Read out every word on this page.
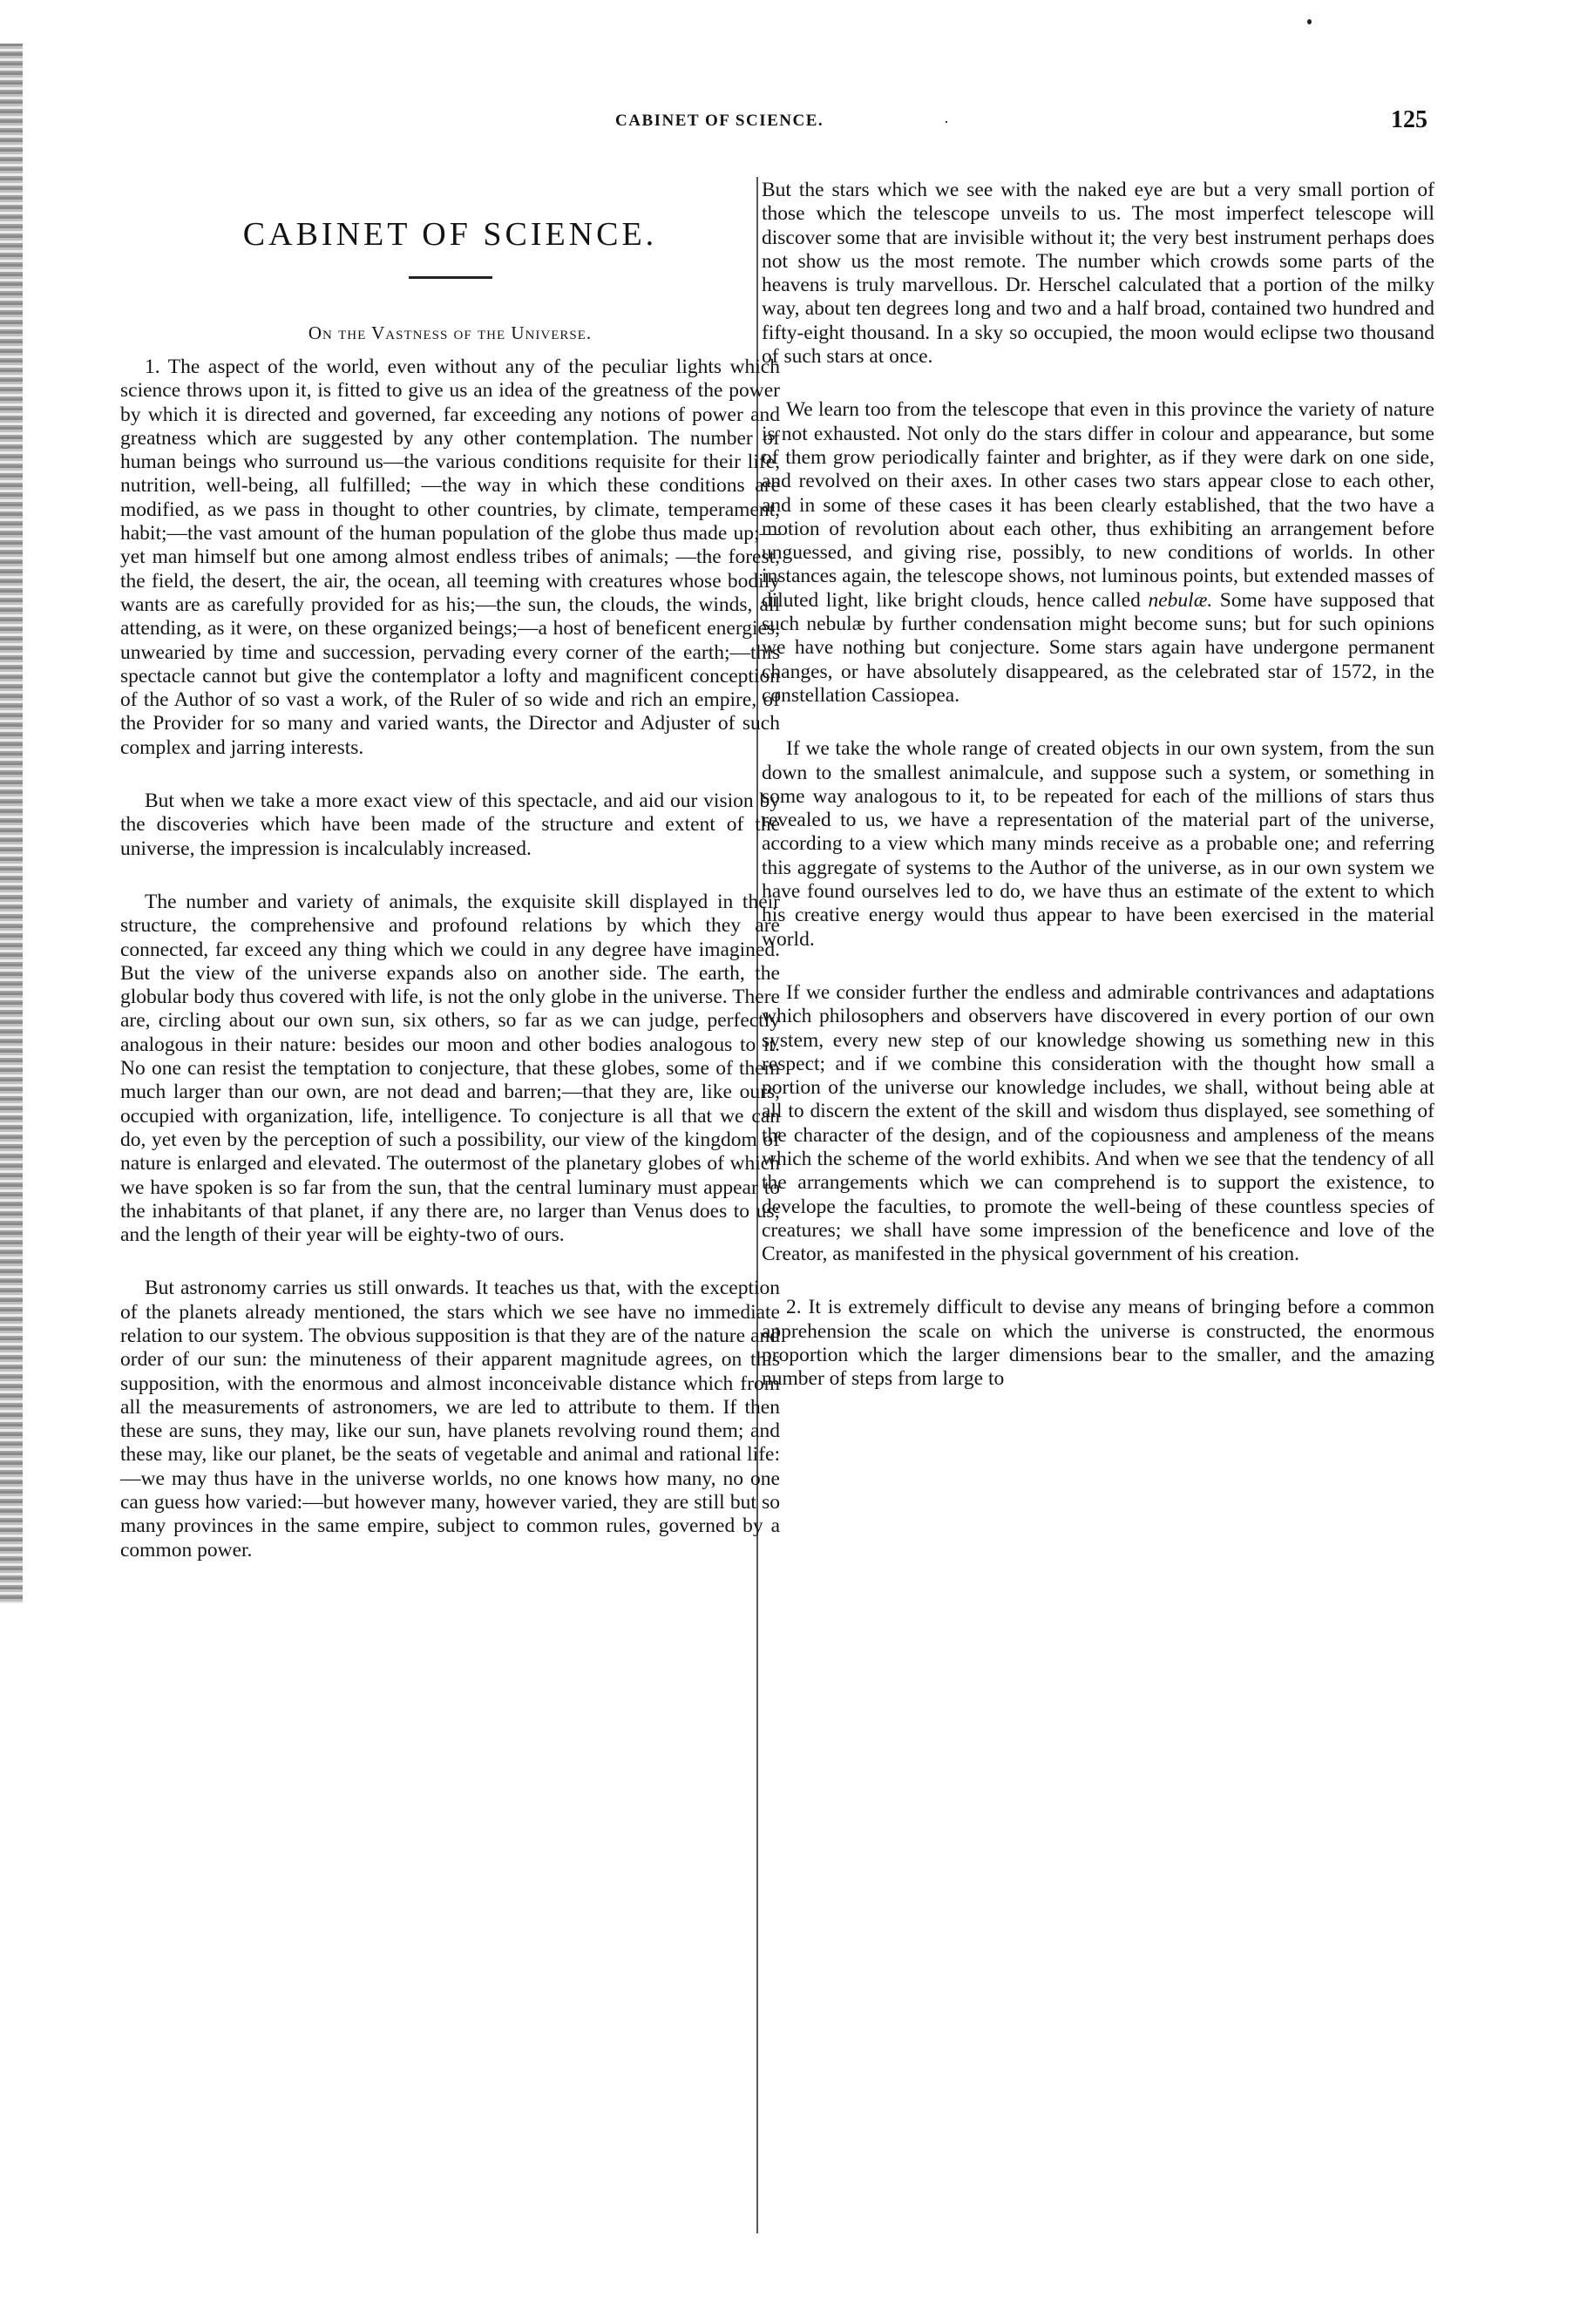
CABINET OF SCIENCE.	·	125
CABINET OF SCIENCE.
On the Vastness of the Universe.

1. The aspect of the world, even without any of the peculiar lights which science throws upon it, is fitted to give us an idea of the greatness of the power by which it is directed and governed, far exceeding any notions of power and greatness which are suggested by any other contemplation. The number of human beings who surround us—the various conditions requisite for their life, nutrition, well-being, all fulfilled; —the way in which these conditions are modified, as we pass in thought to other countries, by climate, temperament, habit;—the vast amount of the human population of the globe thus made up;—yet man himself but one among almost endless tribes of animals; —the forest, the field, the desert, the air, the ocean, all teeming with creatures whose bodily wants are as carefully provided for as his;—the sun, the clouds, the winds, all attending, as it were, on these organized beings;—a host of beneficent energies, unwearied by time and succession, pervading every corner of the earth;—this spectacle cannot but give the contemplator a lofty and magnificent conception of the Author of so vast a work, of the Ruler of so wide and rich an empire, of the Provider for so many and varied wants, the Director and Adjuster of such complex and jarring interests.

But when we take a more exact view of this spectacle, and aid our vision by the discoveries which have been made of the structure and extent of the universe, the impression is incalculably increased.

The number and variety of animals, the exquisite skill displayed in their structure, the comprehensive and profound relations by which they are connected, far exceed any thing which we could in any degree have imagined. But the view of the universe expands also on another side. The earth, the globular body thus covered with life, is not the only globe in the universe. There are, circling about our own sun, six others, so far as we can judge, perfectly analogous in their nature: besides our moon and other bodies analogous to it. No one can resist the temptation to conjecture, that these globes, some of them much larger than our own, are not dead and barren;—that they are, like ours, occupied with organization, life, intelligence. To conjecture is all that we can do, yet even by the perception of such a possibility, our view of the kingdom of nature is enlarged and elevated. The outermost of the planetary globes of which we have spoken is so far from the sun, that the central luminary must appear to the inhabitants of that planet, if any there are, no larger than Venus does to us; and the length of their year will be eighty-two of ours.

But astronomy carries us still onwards. It teaches us that, with the exception of the planets already mentioned, the stars which we see have no immediate relation to our system. The obvious supposition is that they are of the nature and order of our sun: the minuteness of their apparent magnitude agrees, on this supposition, with the enormous and almost inconceivable distance which from all the measurements of astronomers, we are led to attribute to them. If then these are suns, they may, like our sun, have planets revolving round them; and these may, like our planet, be the seats of vegetable and animal and rational life:—we may thus have in the universe worlds, no one knows how many, no one can guess how varied:—but however many, however varied, they are still but so many provinces in the same empire, subject to common rules, governed by a common power.

But the stars which we see with the naked eye are but a very small portion of those which the telescope unveils to us. The most imperfect telescope will discover some that are invisible without it; the very best instrument perhaps does not show us the most remote. The number which crowds some parts of the heavens is truly marvellous. Dr. Herschel calculated that a portion of the milky way, about ten degrees long and two and a half broad, contained two hundred and fifty-eight thousand. In a sky so occupied, the moon would eclipse two thousand of such stars at once.

We learn too from the telescope that even in this province the variety of nature is not exhausted. Not only do the stars differ in colour and appearance, but some of them grow periodically fainter and brighter, as if they were dark on one side, and revolved on their axes. In other cases two stars appear close to each other, and in some of these cases it has been clearly established, that the two have a motion of revolution about each other, thus exhibiting an arrangement before unguessed, and giving rise, possibly, to new conditions of worlds. In other instances again, the telescope shows, not luminous points, but extended masses of diluted light, like bright clouds, hence called nebulæ. Some have supposed that such nebulæ by further condensation might become suns; but for such opinions we have nothing but conjecture. Some stars again have undergone permanent changes, or have absolutely disappeared, as the celebrated star of 1572, in the constellation Cassiopea.

If we take the whole range of created objects in our own system, from the sun down to the smallest animalcule, and suppose such a system, or something in some way analogous to it, to be repeated for each of the millions of stars thus revealed to us, we have a representation of the material part of the universe, according to a view which many minds receive as a probable one; and referring this aggregate of systems to the Author of the universe, as in our own system we have found ourselves led to do, we have thus an estimate of the extent to which his creative energy would thus appear to have been exercised in the material world.

If we consider further the endless and admirable contrivances and adaptations which philosophers and observers have discovered in every portion of our own system, every new step of our knowledge showing us something new in this respect; and if we combine this consideration with the thought how small a portion of the universe our knowledge includes, we shall, without being able at all to discern the extent of the skill and wisdom thus displayed, see something of the character of the design, and of the copiousness and ampleness of the means which the scheme of the world exhibits. And when we see that the tendency of all the arrangements which we can comprehend is to support the existence, to develope the faculties, to promote the well-being of these countless species of creatures; we shall have some impression of the beneficence and love of the Creator, as manifested in the physical government of his creation.

2. It is extremely difficult to devise any means of bringing before a common apprehension the scale on which the universe is constructed, the enormous proportion which the larger dimensions bear to the smaller, and the amazing number of steps from large to
